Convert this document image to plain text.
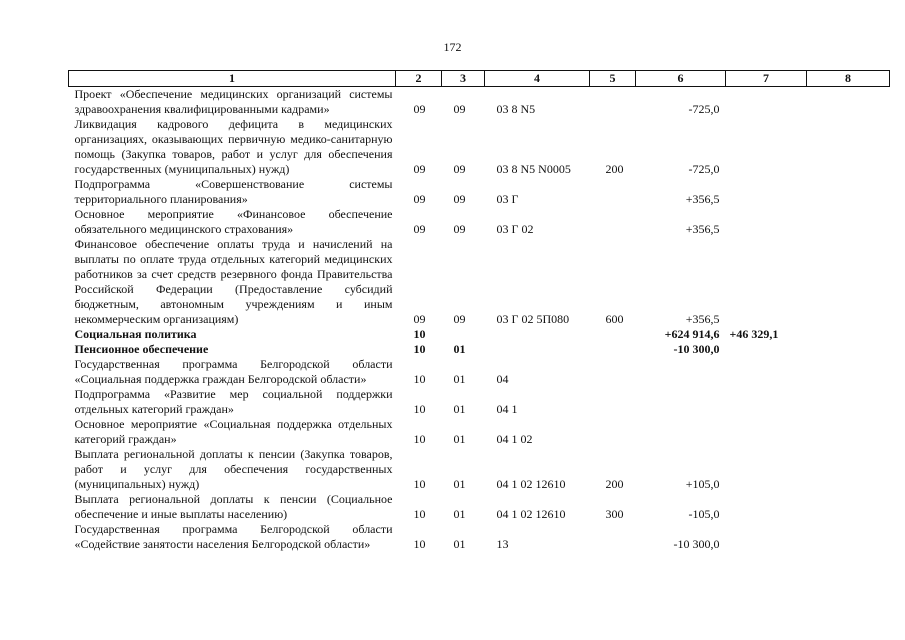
172
1	2	3	4	5	6	7	8
Проект «Обеспечение медицинских организаций системы здравоохранения квалифицированными кадрами»	09	09	03 8 N5		-725,0		
Ликвидация кадрового дефицита в медицинских организациях, оказывающих первичную медико-санитарную помощь (Закупка товаров, работ и услуг для обеспечения государственных (муниципальных) нужд)	09	09	03 8 N5 N0005	200	-725,0		
Подпрограмма «Совершенствование системы территориального планирования»	09	09	03 Г		+356,5		
Основное мероприятие «Финансовое обеспечение обязательного медицинского страхования»	09	09	03 Г 02		+356,5		
Финансовое обеспечение оплаты труда и начислений на выплаты по оплате труда отдельных категорий медицинских работников за счет средств резервного фонда Правительства Российской Федерации (Предоставление субсидий бюджетным, автономным учреждениям и иным некоммерческим организациям)	09	09	03 Г 02 5П080	600	+356,5		
Социальная политика	10				+624 914,6	+46 329,1	
Пенсионное обеспечение	10	01			-10 300,0		
Государственная программа Белгородской области «Социальная поддержка граждан Белгородской области»	10	01	04				
Подпрограмма «Развитие мер социальной поддержки отдельных категорий граждан»	10	01	04 1				
Основное мероприятие «Социальная поддержка отдельных категорий граждан»	10	01	04 1 02				
Выплата региональной доплаты к пенсии (Закупка товаров, работ и услуг для обеспечения государственных (муниципальных) нужд)	10	01	04 1 02 12610	200	+105,0		
Выплата региональной доплаты к пенсии (Социальное обеспечение и иные выплаты населению)	10	01	04 1 02 12610	300	-105,0		
Государственная программа Белгородской области «Содействие занятости населения Белгородской области»	10	01	13		-10 300,0		
